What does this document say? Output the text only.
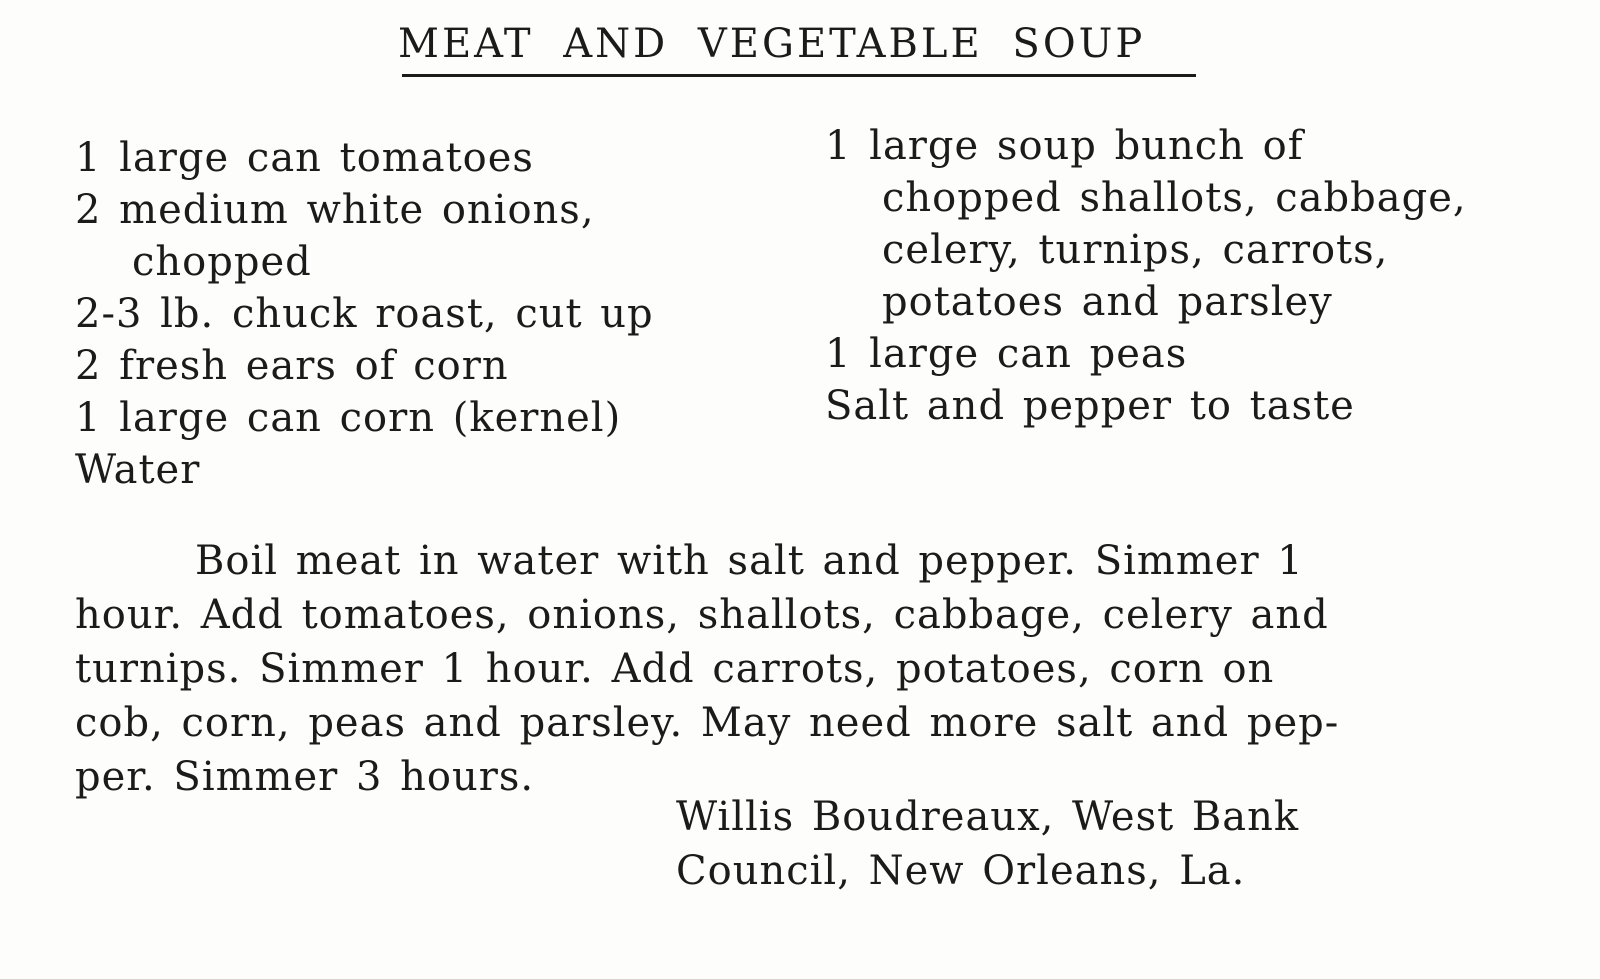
MEAT AND VEGETABLE SOUP
1 large can tomatoes
2 medium white onions,
chopped
2-3 lb. chuck roast, cut up
2 fresh ears of corn
1 large can corn (kernel)
Water
1 large soup bunch of
chopped shallots, cabbage,
celery, turnips, carrots,
potatoes and parsley
1 large can peas
Salt and pepper to taste
Boil meat in water with salt and pepper. Simmer 1
hour. Add tomatoes, onions, shallots, cabbage, celery and
turnips. Simmer 1 hour. Add carrots, potatoes, corn on
cob, corn, peas and parsley. May need more salt and pep-
per. Simmer 3 hours.
Willis Boudreaux, West Bank
Council, New Orleans, La.
